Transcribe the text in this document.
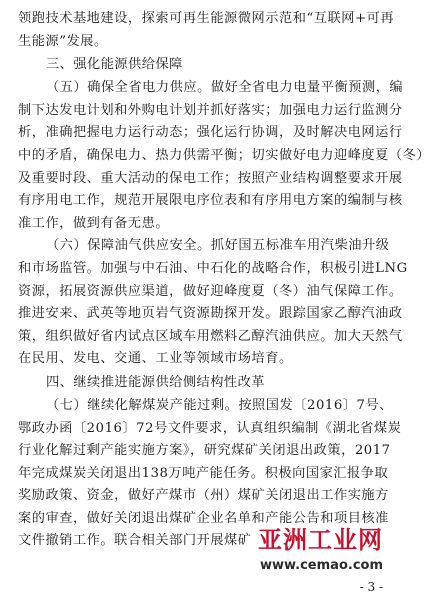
领跑技术基地建设，探索可再生能源微网示范和“互联网+可再
生能源”发展。
三、强化能源供给保障
（五）确保全省电力供应。做好全省电力电量平衡预测，编
制下达发电计划和外购电计划并抓好落实；加强电力运行监测分
析，准确把握电力运行动态；强化运行协调，及时解决电网运行
中的矛盾，确保电力、热力供需平衡；切实做好电力迎峰度夏（冬）
及重要时段、重大活动的保电工作；按照产业结构调整要求开展
有序用电工作，规范开展限电序位表和有序用电方案的编制与核
准工作，做到有备无患。
（六）保障油气供应安全。抓好国五标准车用汽柴油升级
和市场监管。加强与中石油、中石化的战略合作，积极引进LNG
资源，拓展资源供应渠道，做好迎峰度夏（冬）油气保障工作。
推进安来、武英等地页岩气资源勘探开发。跟踪国家乙醇汽油政
策，组织做好省内试点区域车用燃料乙醇汽油供应。加大天然气
在民用、发电、交通、工业等领域市场培育。
四、继续推进能源供给侧结构性改革
（七）继续化解煤炭产能过剩。按照国发〔2016〕7号、
鄂政办函〔2016〕72号文件要求，认真组织编制《湖北省煤炭
行业化解过剩产能实施方案》，研究煤矿关闭退出政策，2017
年完成煤炭关闭退出138万吨产能任务。积极向国家汇报争取
奖励政策、资金，做好产煤市（州）煤矿关闭退出工作实施方
案的审查，做好关闭退出煤矿企业名单和产能公告和项目核准
文件撤销工作。联合相关部门开展煤矿 亚洲工业网
www.cemao.com
- 3 -
